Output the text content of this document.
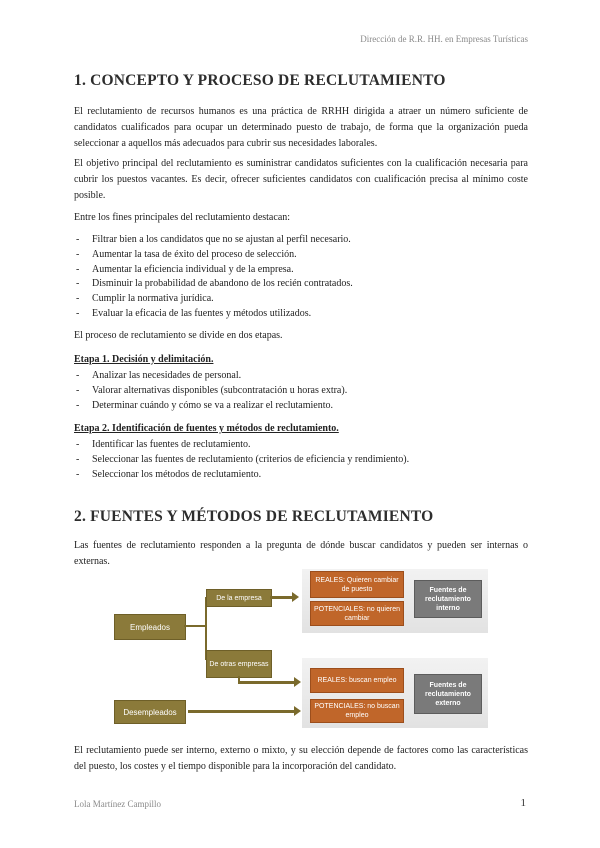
Dirección de R.R. HH. en Empresas Turísticas
1. CONCEPTO Y PROCESO DE RECLUTAMIENTO
El reclutamiento de recursos humanos es una práctica de RRHH dirigida a atraer un número suficiente de candidatos cualificados para ocupar un determinado puesto de trabajo, de forma que la organización pueda seleccionar a aquellos más adecuados para cubrir sus necesidades laborales.
El objetivo principal del reclutamiento es suministrar candidatos suficientes con la cualificación necesaria para cubrir los puestos vacantes. Es decir, ofrecer suficientes candidatos con cualificación precisa al mínimo coste posible.
Entre los fines principales del reclutamiento destacan:
- Filtrar bien a los candidatos que no se ajustan al perfil necesario.
- Aumentar la tasa de éxito del proceso de selección.
- Aumentar la eficiencia individual y de la empresa.
- Disminuir la probabilidad de abandono de los recién contratados.
- Cumplir la normativa jurídica.
- Evaluar la eficacia de las fuentes y métodos utilizados.
El proceso de reclutamiento se divide en dos etapas.
Etapa 1. Decisión y delimitación.
- Analizar las necesidades de personal.
- Valorar alternativas disponibles (subcontratación u horas extra).
- Determinar cuándo y cómo se va a realizar el reclutamiento.
Etapa 2. Identificación de fuentes y métodos de reclutamiento.
- Identificar las fuentes de reclutamiento.
- Seleccionar las fuentes de reclutamiento (criterios de eficiencia y rendimiento).
- Seleccionar los métodos de reclutamiento.
2. FUENTES Y MÉTODOS DE RECLUTAMIENTO
Las fuentes de reclutamiento responden a la pregunta de dónde buscar candidatos y pueden ser internas o externas.
Empleados
Desempleados
De la empresa
De otras empresas
REALES: Quieren cambiar de puesto
POTENCIALES: no quieren cambiar
Fuentes de reclutamiento interno
REALES: buscan empleo
POTENCIALES: no buscan empleo
Fuentes de reclutamiento externo
El reclutamiento puede ser interno, externo o mixto, y su elección depende de factores como las características del puesto, los costes y el tiempo disponible para la incorporación del candidato.
Lola Martínez Campillo	1
